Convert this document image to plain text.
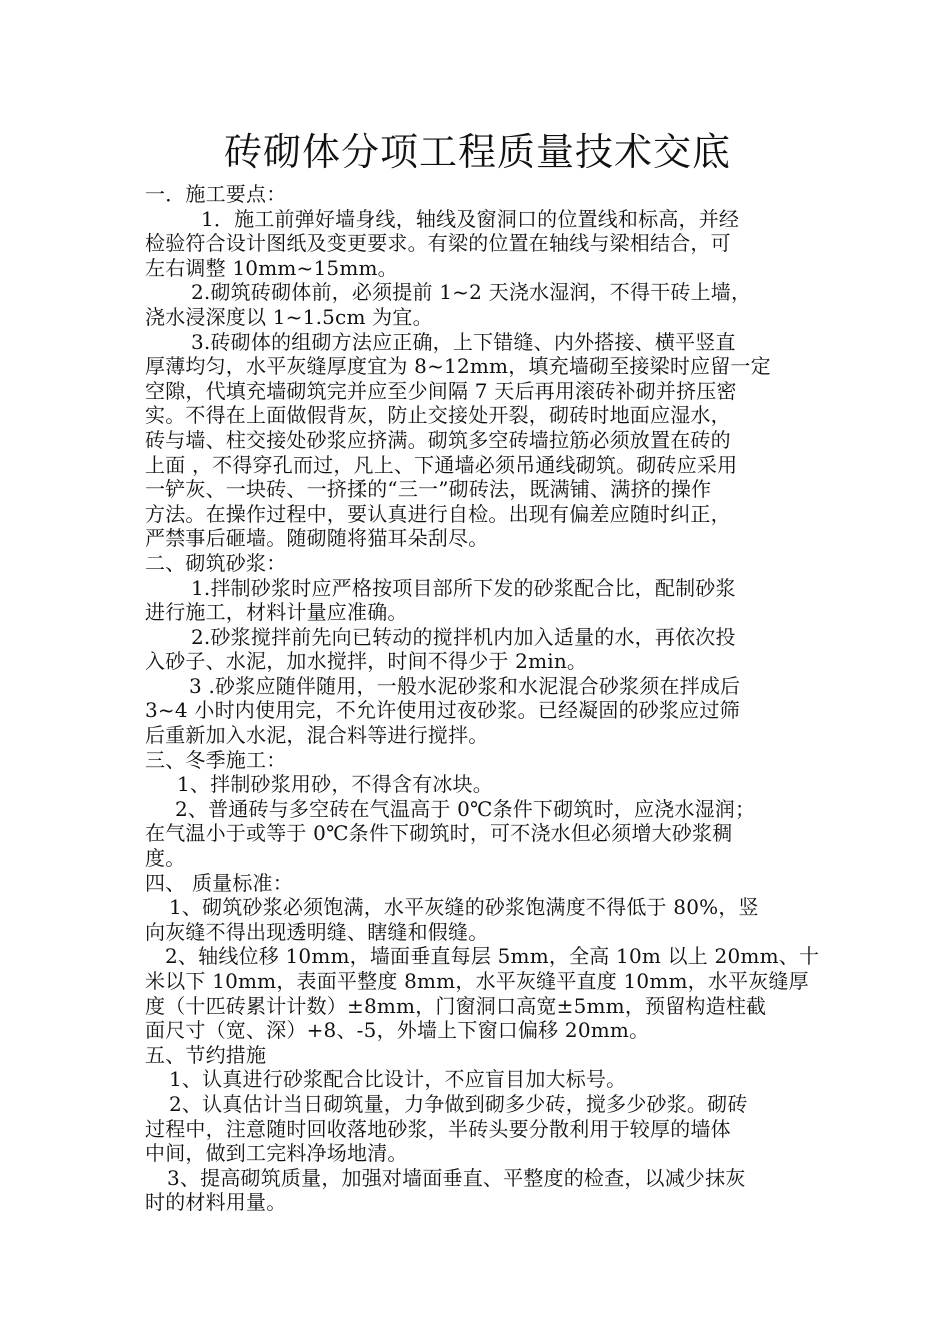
砖砌体分项工程质量技术交底

一．施工要点：

1．施工前弹好墙身线，轴线及窗洞口的位置线和标高，并经

检验符合设计图纸及变更要求。有梁的位置在轴线与梁相结合，可

左右调整 10mm~15mm。

2.砌筑砖砌体前，必须提前 1~2 天浇水湿润，不得干砖上墙，

浇水浸深度以 1~1.5cm 为宜。

3.砖砌体的组砌方法应正确，上下错缝、内外搭接、横平竖直

厚薄均匀，水平灰缝厚度宜为 8~12mm，填充墙砌至接梁时应留一定

空隙，代填充墙砌筑完并应至少间隔 7 天后再用滚砖补砌并挤压密

实。不得在上面做假背灰，防止交接处开裂，砌砖时地面应湿水，

砖与墙、柱交接处砂浆应挤满。砌筑多空砖墙拉筋必须放置在砖的

上面 ，不得穿孔而过，凡上、下通墙必须吊通线砌筑。砌砖应采用

一铲灰、一块砖、一挤揉的“三一”砌砖法，既满铺、满挤的操作

方法。在操作过程中，要认真进行自检。出现有偏差应随时纠正，

严禁事后砸墙。随砌随将猫耳朵刮尽。

二、砌筑砂浆：

1.拌制砂浆时应严格按项目部所下发的砂浆配合比，配制砂浆

进行施工，材料计量应准确。

2.砂浆搅拌前先向已转动的搅拌机内加入适量的水，再依次投

入砂子、水泥，加水搅拌，时间不得少于 2min。

3 .砂浆应随伴随用，一般水泥砂浆和水泥混合砂浆须在拌成后

3~4 小时内使用完，不允许使用过夜砂浆。已经凝固的砂浆应过筛

后重新加入水泥，混合料等进行搅拌。

三、冬季施工：

1、拌制砂浆用砂，不得含有冰块。

2、普通砖与多空砖在气温高于 0℃条件下砌筑时，应浇水湿润；

在气温小于或等于 0℃条件下砌筑时，可不浇水但必须增大砂浆稠

度。

四、 质量标准：

1、砌筑砂浆必须饱满，水平灰缝的砂浆饱满度不得低于 80%，竖

向灰缝不得出现透明缝、瞎缝和假缝。

2、轴线位移 10mm，墙面垂直每层 5mm，全高 10m 以上 20mm、十

米以下 10mm，表面平整度 8mm，水平灰缝平直度 10mm，水平灰缝厚

度（十匹砖累计计数）±8mm，门窗洞口高宽±5mm，预留构造柱截

面尺寸（宽、深）+8、-5，外墙上下窗口偏移 20mm。

五、节约措施

1、认真进行砂浆配合比设计，不应盲目加大标号。

2、认真估计当日砌筑量，力争做到砌多少砖，搅多少砂浆。砌砖

过程中，注意随时回收落地砂浆，半砖头要分散利用于较厚的墙体

中间，做到工完料净场地清。

3、提高砌筑质量，加强对墙面垂直、平整度的检查，以减少抹灰

时的材料用量。
